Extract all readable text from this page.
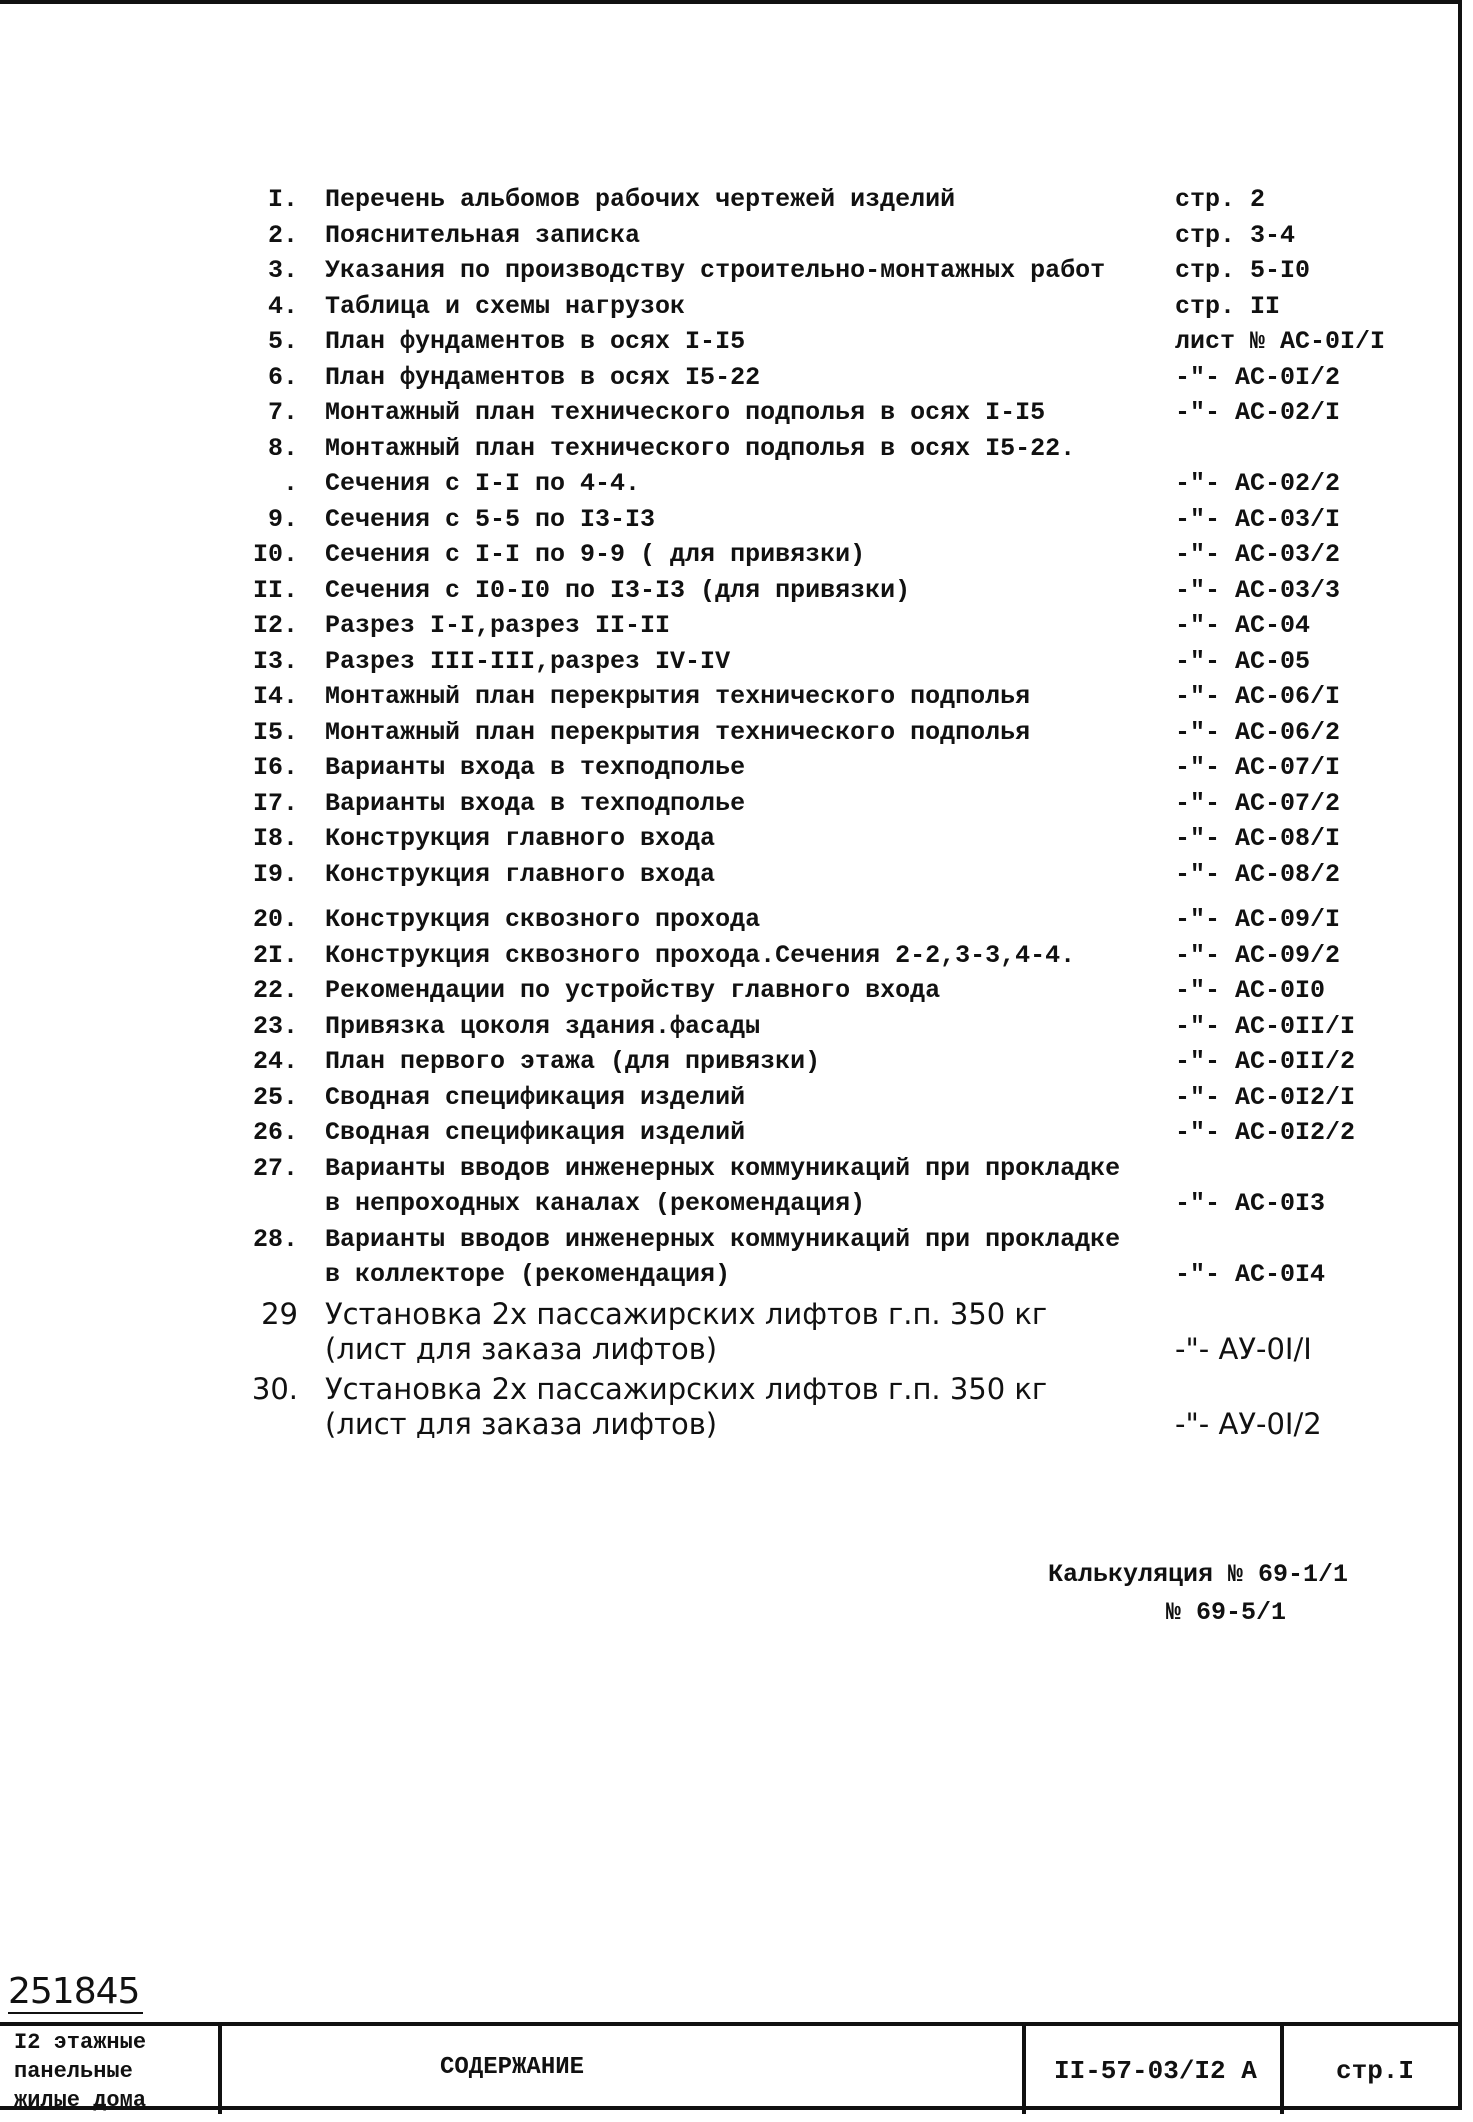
I. Перечень альбомов рабочих чертежей изделий	стр. 2
2. Пояснительная записка	стр. 3-4
3. Указания по производству строительно-монтажных работ	стр. 5-I0
4. Таблица и схемы нагрузок	стр. II
5. План фундаментов в осях I-I5	лист № АС-0I/I
6. План фундаментов в осях I5-22	-"- АС-0I/2
7. Монтажный план технического подполья в осях I-I5	-"- АС-02/I
8. Монтажный план технического подполья в осях I5-22.
. Сечения с I-I по 4-4.	-"- АС-02/2
9. Сечения с 5-5 по I3-I3	-"- АС-03/I
I0. Сечения с I-I по 9-9 ( для привязки)	-"- АС-03/2
II. Сечения с I0-I0 по I3-I3 (для привязки)	-"- АС-03/3
I2. Разрез I-I,разрез II-II	-"- АС-04
I3. Разрез III-III,разрез IV-IV	-"- АС-05
I4. Монтажный план перекрытия технического подполья	-"- АС-06/I
I5. Монтажный план перекрытия технического подполья	-"- АС-06/2
I6. Варианты входа в техподполье	-"- АС-07/I
I7. Варианты входа в техподполье	-"- АС-07/2
I8. Конструкция главного входа	-"- АС-08/I
I9. Конструкция главного входа	-"- АС-08/2
20. Конструкция сквозного прохода	-"- АС-09/I
2I. Конструкция сквозного прохода.Сечения 2-2,3-3,4-4.	-"- АС-09/2
22. Рекомендации по устройству главного входа	-"- АС-0I0
23. Привязка цоколя здания.фасады	-"- АС-0II/I
24. План первого этажа (для привязки)	-"- АС-0II/2
25. Сводная спецификация изделий	-"- АС-0I2/I
26. Сводная спецификация изделий	-"- АС-0I2/2
27. Варианты вводов инженерных коммуникаций при прокладке
в непроходных каналах (рекомендация)	-"- АС-0I3
28. Варианты вводов инженерных коммуникаций при прокладке
в коллекторе (рекомендация)	-"- АС-0I4
29 Установка 2х пассажирских лифтов г.п. 350 кг
(лист для заказа лифтов)	-"- АУ-0I/I
30. Установка 2х пассажирских лифтов г.п. 350 кг
(лист для заказа лифтов)	-"- АУ-0I/2
Калькуляция № 69-1/1
№ 69-5/1
251845
I2 этажные
панельные
жилые дома
СОДЕРЖАНИЕ	II-57-03/I2 А	стр.I
